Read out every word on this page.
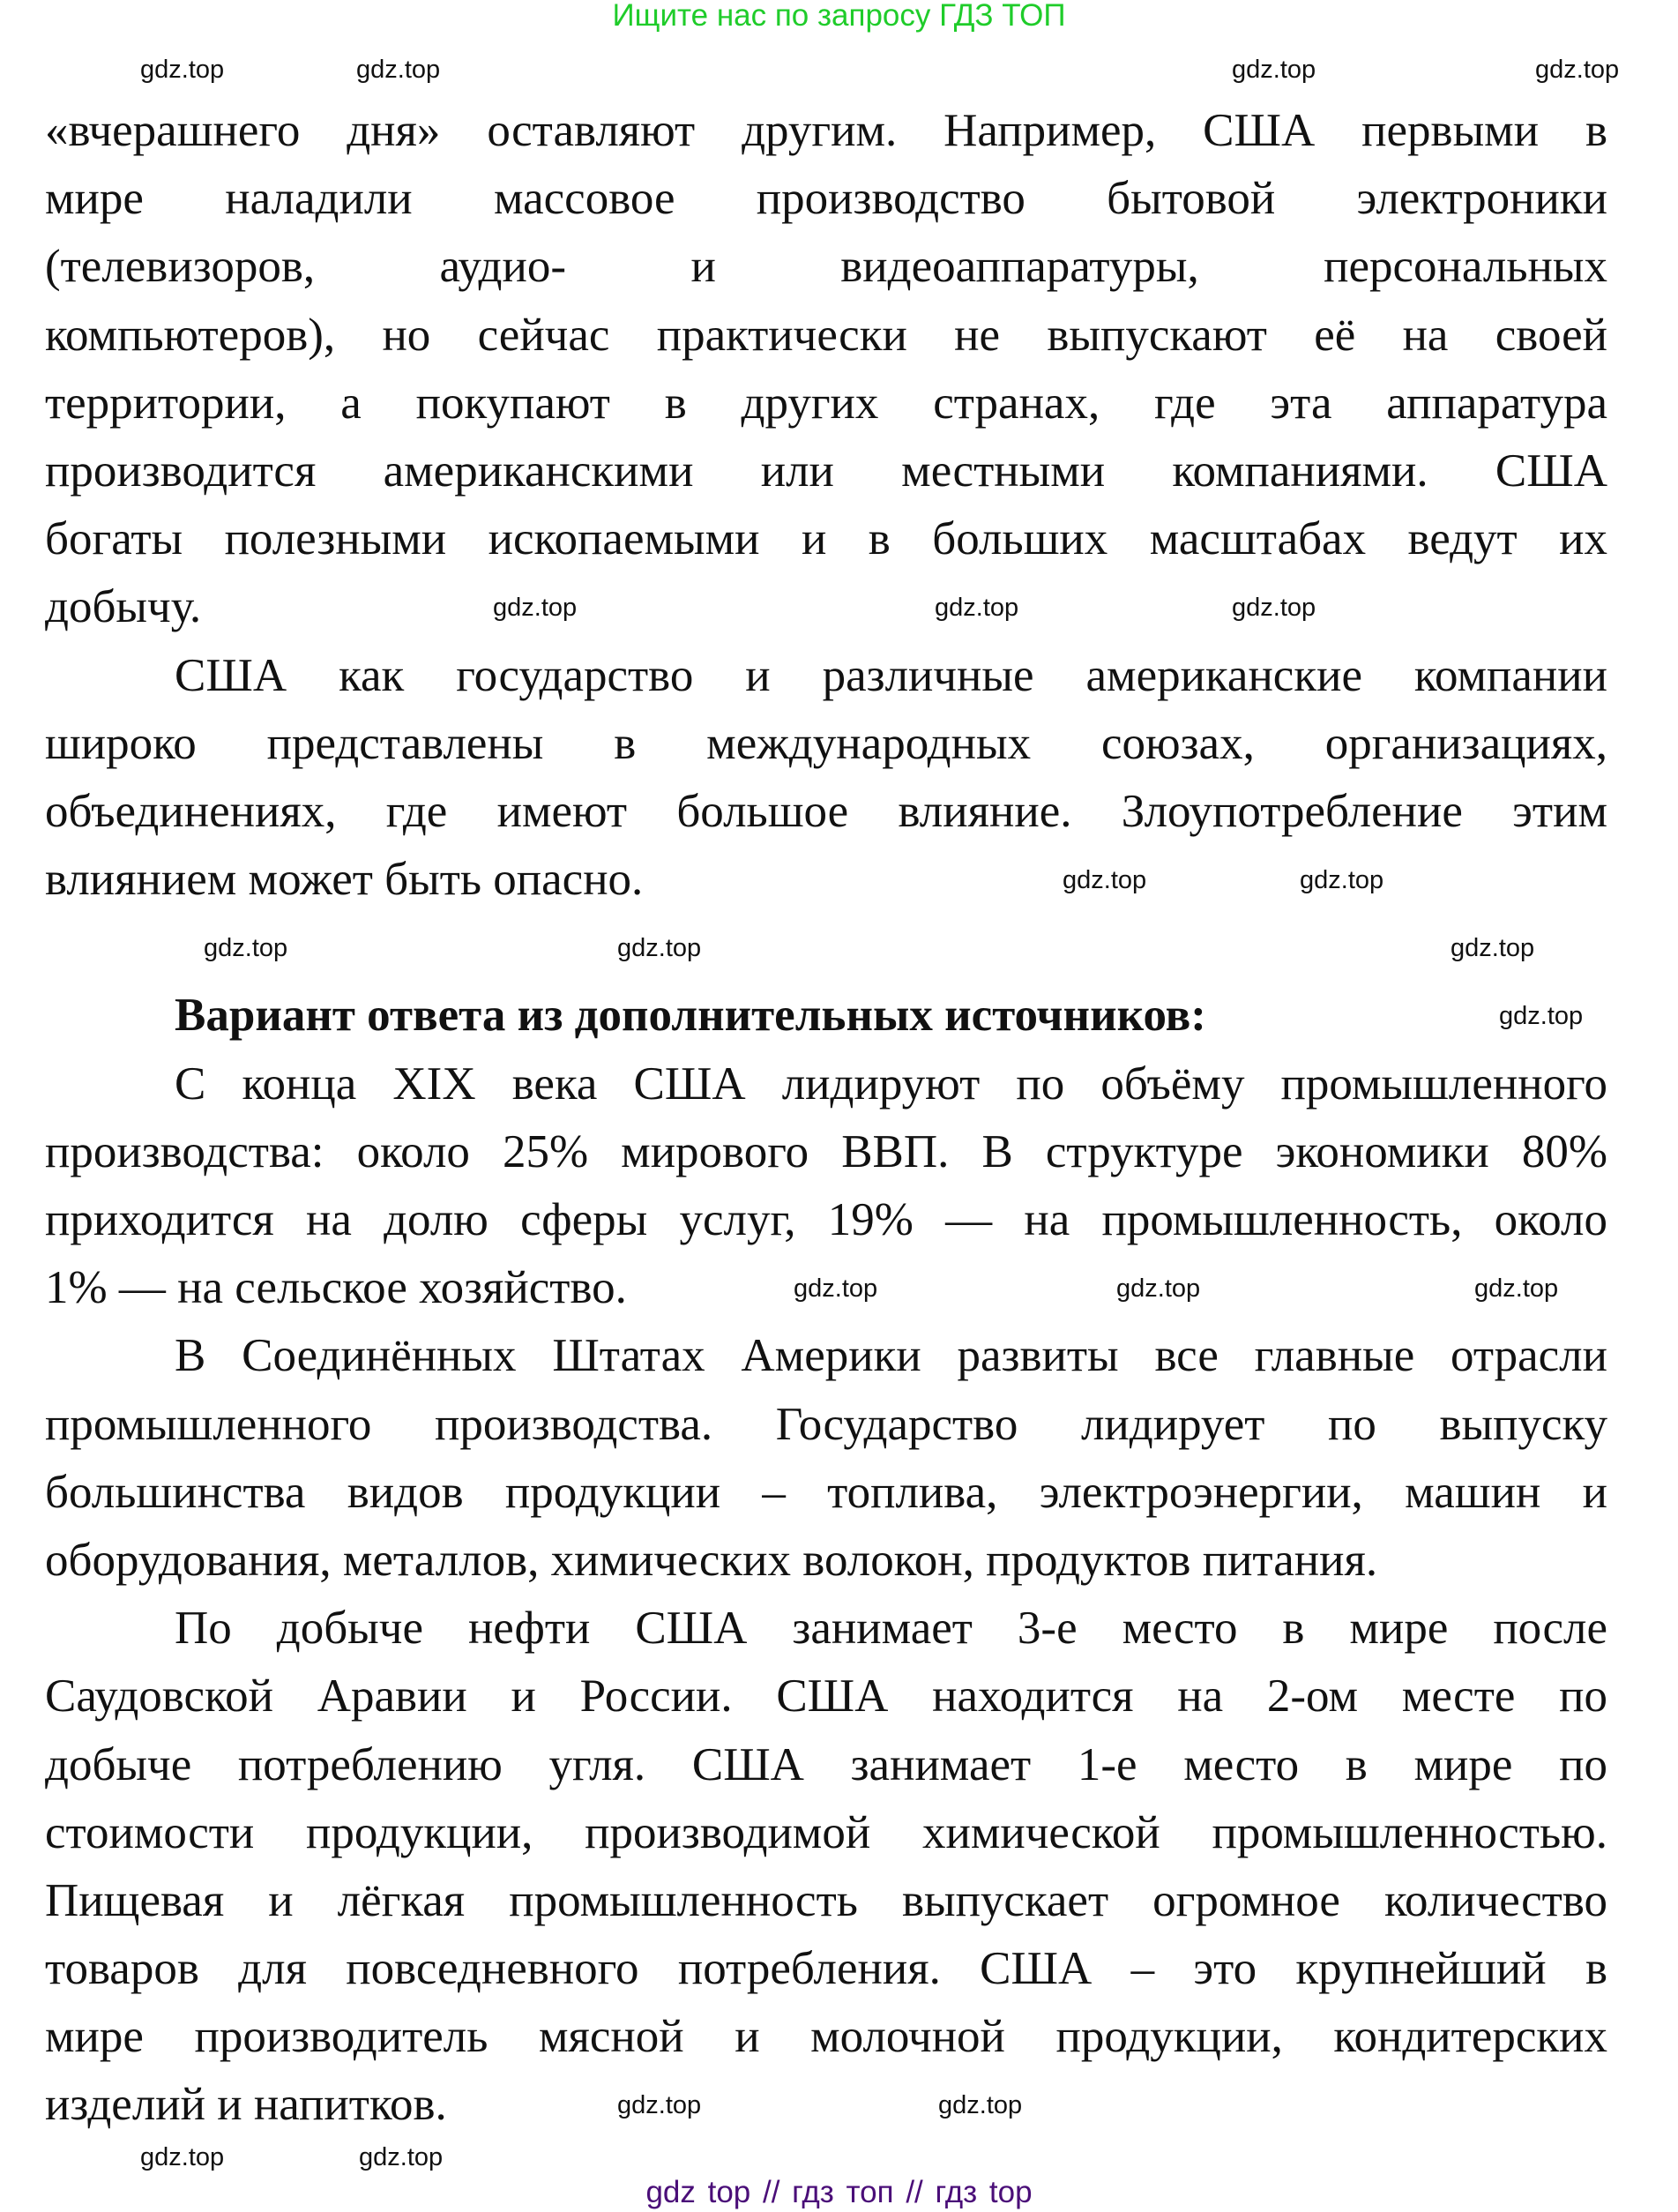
Ищите нас по запросу ГДЗ ТОП
«вчерашнего дня» оставляют другим. Например, США первыми в
мире наладили массовое производство бытовой электроники
(телевизоров, аудио- и видеоаппаратуры, персональных
компьютеров), но сейчас практически не выпускают её на своей
территории, а покупают в других странах, где эта аппаратура
производится американскими или местными компаниями. США
богаты полезными ископаемыми и в больших масштабах ведут их
добычу.
США как государство и различные американские компании
широко представлены в международных союзах, организациях,
объединениях, где имеют большое влияние. Злоупотребление этим
влиянием может быть опасно.
Вариант ответа из дополнительных источников:
С конца XIX века США лидируют по объёму промышленного
производства: около 25% мирового ВВП. В структуре экономики 80%
приходится на долю сферы услуг, 19% — на промышленность, около
1% — на сельское хозяйство.
В Соединённых Штатах Америки развиты все главные отрасли
промышленного производства. Государство лидирует по выпуску
большинства видов продукции – топлива, электроэнергии, машин и
оборудования, металлов, химических волокон, продуктов питания.
По добыче нефти США занимает 3-е место в мире после
Саудовской Аравии и России. США находится на 2-ом месте по
добыче потреблению угля. США занимает 1-е место в мире по
стоимости продукции, производимой химической промышленностью.
Пищевая и лёгкая промышленность выпускает огромное количество
товаров для повседневного потребления. США – это крупнейший в
мире производитель мясной и молочной продукции, кондитерских
изделий и напитков.
gdz.top	gdz.top	gdz.top	gdz.top
gdz.top	gdz.top	gdz.top
gdz.top	gdz.top
gdz.top	gdz.top	gdz.top
gdz.top
gdz.top	gdz.top	gdz.top
gdz.top	gdz.top
gdz.top	gdz.top
gdz top // гдз топ // гдз top
